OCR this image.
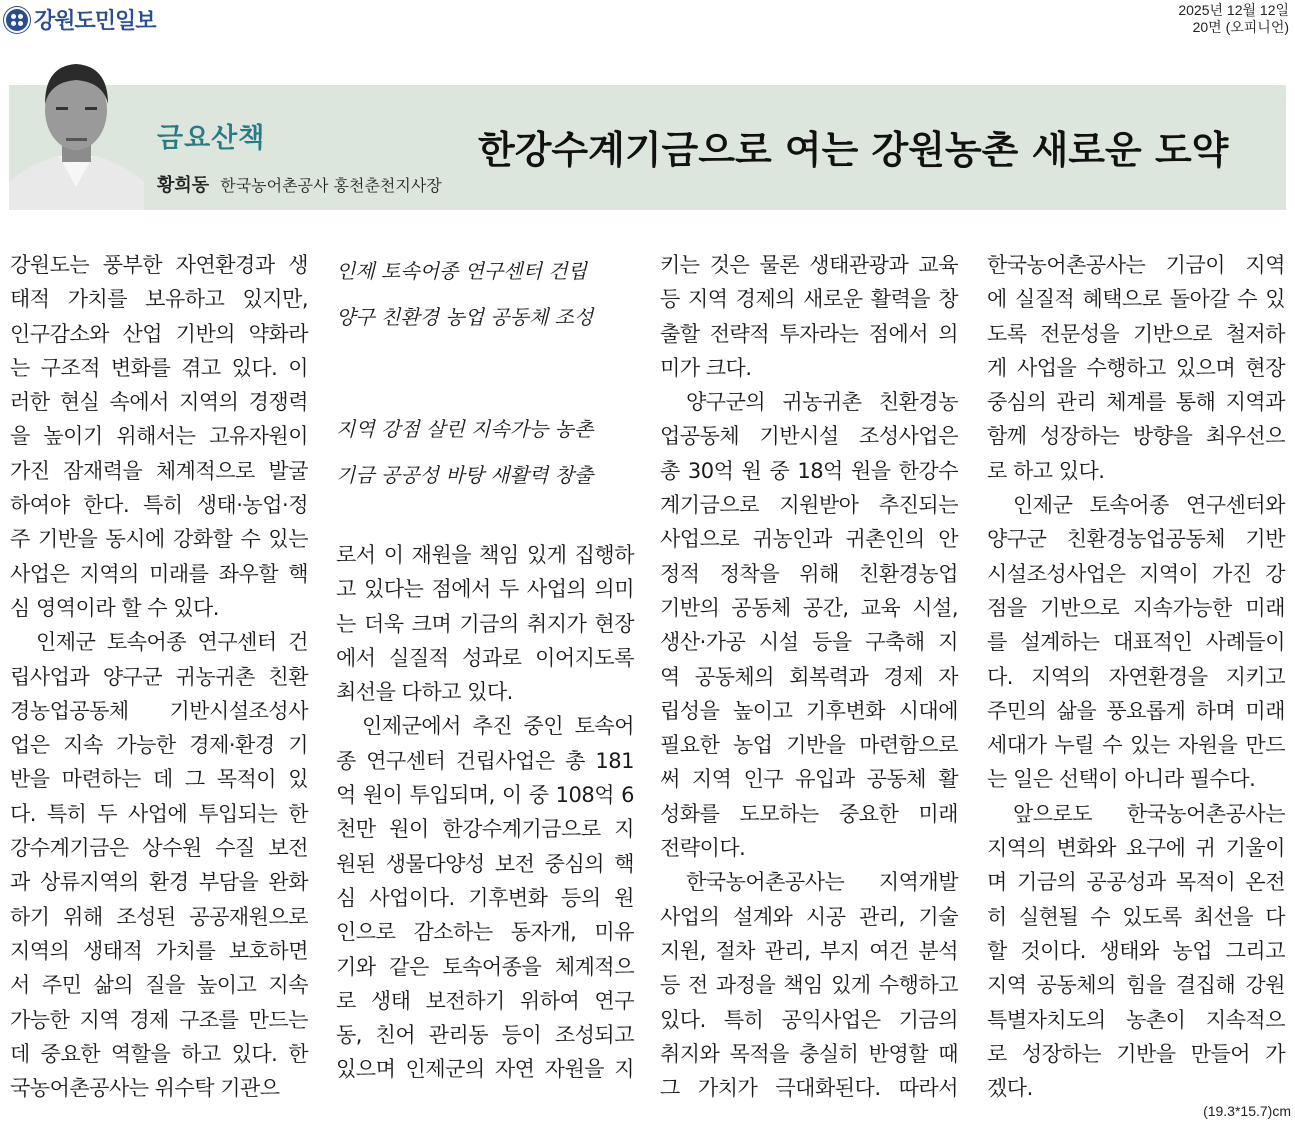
강원도민일보	2025년 12월 12일
20면 (오피니언)
금요산책
황희동 한국농어촌공사 홍천춘천지사장
한강수계기금으로 여는 강원농촌 새로운 도약
강원도는 풍부한 자연환경과 생
태적 가치를 보유하고 있지만,
인구감소와 산업 기반의 약화라
는 구조적 변화를 겪고 있다. 이
러한 현실 속에서 지역의 경쟁력
을 높이기 위해서는 고유자원이
가진 잠재력을 체계적으로 발굴
하여야 한다. 특히 생태·농업·정
주 기반을 동시에 강화할 수 있는
사업은 지역의 미래를 좌우할 핵
심 영역이라 할 수 있다.
인제군 토속어종 연구센터 건
립사업과 양구군 귀농귀촌 친환
경농업공동체 기반시설조성사
업은 지속 가능한 경제·환경 기
반을 마련하는 데 그 목적이 있
다. 특히 두 사업에 투입되는 한
강수계기금은 상수원 수질 보전
과 상류지역의 환경 부담을 완화
하기 위해 조성된 공공재원으로
지역의 생태적 가치를 보호하면
서 주민 삶의 질을 높이고 지속
가능한 지역 경제 구조를 만드는
데 중요한 역할을 하고 있다. 한
국농어촌공사는 위수탁 기관으
인제 토속어종 연구센터 건립
양구 친환경 농업 공동체 조성
지역 강점 살린 지속가능 농촌
기금 공공성 바탕 새활력 창출
로서 이 재원을 책임 있게 집행하
고 있다는 점에서 두 사업의 의미
는 더욱 크며 기금의 취지가 현장
에서 실질적 성과로 이어지도록
최선을 다하고 있다.
인제군에서 추진 중인 토속어
종 연구센터 건립사업은 총 181
억 원이 투입되며, 이 중 108억 6
천만 원이 한강수계기금으로 지
원된 생물다양성 보전 중심의 핵
심 사업이다. 기후변화 등의 원
인으로 감소하는 동자개, 미유
기와 같은 토속어종을 체계적으
로 생태 보전하기 위하여 연구
동, 친어 관리동 등이 조성되고
있으며 인제군의 자연 자원을 지
키는 것은 물론 생태관광과 교육
등 지역 경제의 새로운 활력을 창
출할 전략적 투자라는 점에서 의
미가 크다.
양구군의 귀농귀촌 친환경농
업공동체 기반시설 조성사업은
총 30억 원 중 18억 원을 한강수
계기금으로 지원받아 추진되는
사업으로 귀농인과 귀촌인의 안
정적 정착을 위해 친환경농업
기반의 공동체 공간, 교육 시설,
생산·가공 시설 등을 구축해 지
역 공동체의 회복력과 경제 자
립성을 높이고 기후변화 시대에
필요한 농업 기반을 마련함으로
써 지역 인구 유입과 공동체 활
성화를 도모하는 중요한 미래
전략이다.
한국농어촌공사는 지역개발
사업의 설계와 시공 관리, 기술
지원, 절차 관리, 부지 여건 분석
등 전 과정을 책임 있게 수행하고
있다. 특히 공익사업은 기금의
취지와 목적을 충실히 반영할 때
그 가치가 극대화된다. 따라서
한국농어촌공사는 기금이 지역
에 실질적 혜택으로 돌아갈 수 있
도록 전문성을 기반으로 철저하
게 사업을 수행하고 있으며 현장
중심의 관리 체계를 통해 지역과
함께 성장하는 방향을 최우선으
로 하고 있다.
인제군 토속어종 연구센터와
양구군 친환경농업공동체 기반
시설조성사업은 지역이 가진 강
점을 기반으로 지속가능한 미래
를 설계하는 대표적인 사례들이
다. 지역의 자연환경을 지키고
주민의 삶을 풍요롭게 하며 미래
세대가 누릴 수 있는 자원을 만드
는 일은 선택이 아니라 필수다.
앞으로도 한국농어촌공사는
지역의 변화와 요구에 귀 기울이
며 기금의 공공성과 목적이 온전
히 실현될 수 있도록 최선을 다
할 것이다. 생태와 농업 그리고
지역 공동체의 힘을 결집해 강원
특별자치도의 농촌이 지속적으
로 성장하는 기반을 만들어 가
겠다.
(19.3*15.7)cm
